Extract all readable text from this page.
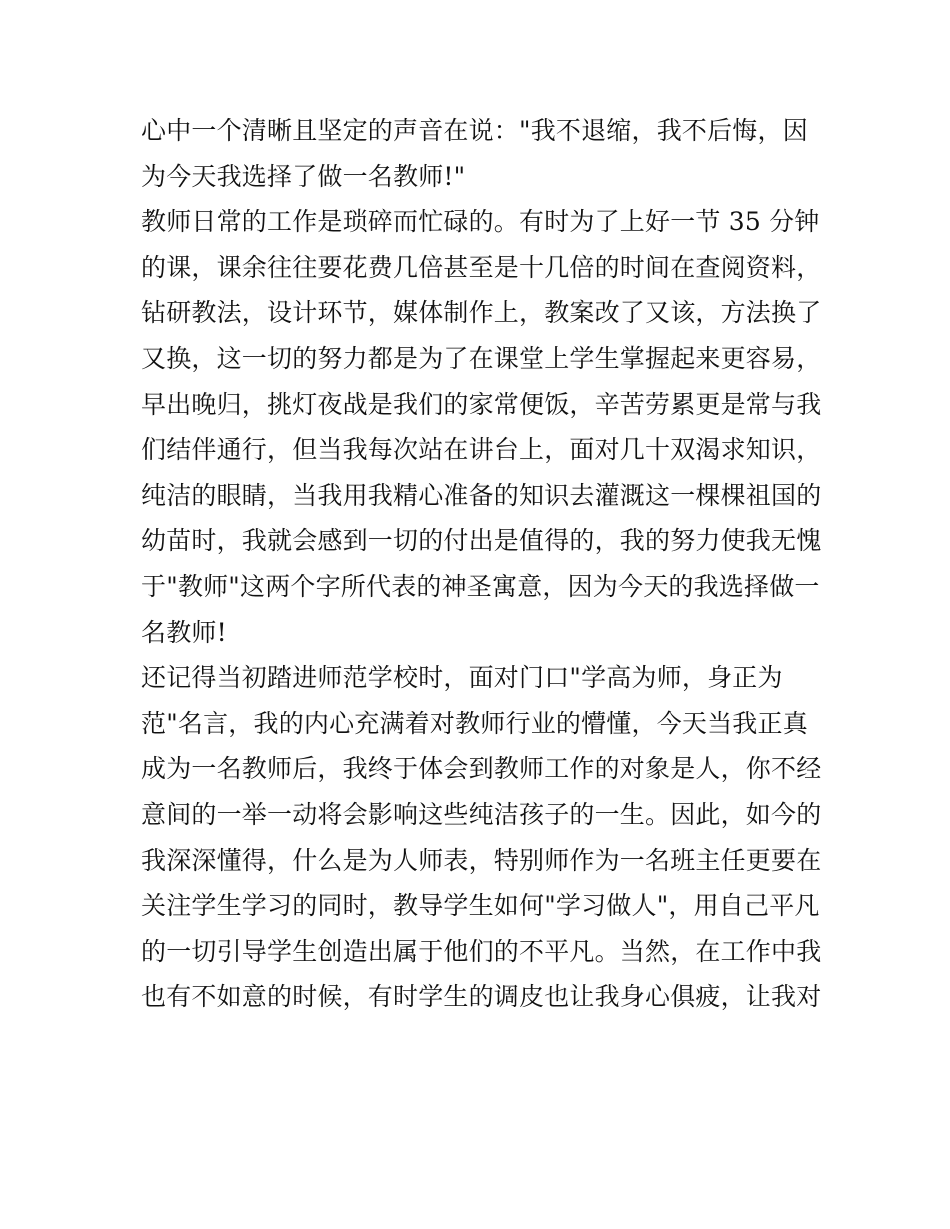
心中一个清晰且坚定的声音在说："我不退缩，我不后悔，因
为今天我选择了做一名教师!"
教师日常的工作是琐碎而忙碌的。有时为了上好一节 35 分钟
的课，课余往往要花费几倍甚至是十几倍的时间在查阅资料，
钻研教法，设计环节，媒体制作上，教案改了又该，方法换了
又换，这一切的努力都是为了在课堂上学生掌握起来更容易，
早出晚归，挑灯夜战是我们的家常便饭，辛苦劳累更是常与我
们结伴通行，但当我每次站在讲台上，面对几十双渴求知识，
纯洁的眼睛，当我用我精心准备的知识去灌溉这一棵棵祖国的
幼苗时，我就会感到一切的付出是值得的，我的努力使我无愧
于"教师"这两个字所代表的神圣寓意，因为今天的我选择做一
名教师!
还记得当初踏进师范学校时，面对门口"学高为师，身正为
范"名言，我的内心充满着对教师行业的懵懂，今天当我正真
成为一名教师后，我终于体会到教师工作的对象是人，你不经
意间的一举一动将会影响这些纯洁孩子的一生。因此，如今的
我深深懂得，什么是为人师表，特别师作为一名班主任更要在
关注学生学习的同时，教导学生如何"学习做人"，用自己平凡
的一切引导学生创造出属于他们的不平凡。当然，在工作中我
也有不如意的时候，有时学生的调皮也让我身心俱疲，让我对
